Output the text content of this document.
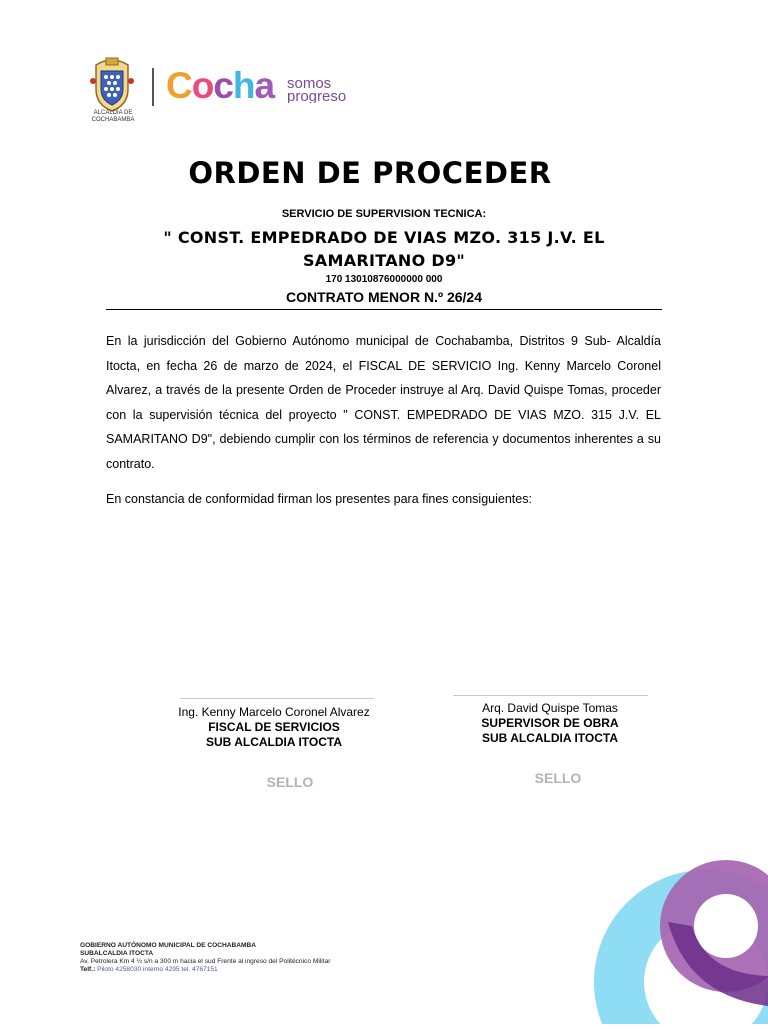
ALCALDÍA DE
COCHABAMBA
Cocha somos
progreso
ORDEN DE PROCEDER
SERVICIO DE SUPERVISION TECNICA:
" CONST. EMPEDRADO DE VIAS MZO. 315 J.V. EL SAMARITANO D9"
170 13010876000000 000
CONTRATO MENOR N.º 26/24
En la jurisdicción del Gobierno Autónomo municipal de Cochabamba, Distritos 9 Sub- Alcaldía Itocta, en fecha 26 de marzo de 2024, el FISCAL DE SERVICIO Ing. Kenny Marcelo Coronel Alvarez, a través de la presente Orden de Proceder instruye al Arq. David Quispe Tomas, proceder con la supervisión técnica del proyecto " CONST. EMPEDRADO DE VIAS MZO. 315 J.V. EL SAMARITANO D9", debiendo cumplir con los términos de referencia y documentos inherentes a su contrato.
En constancia de conformidad firman los presentes para fines consiguientes:
Ing. Kenny Marcelo Coronel Alvarez
FISCAL DE SERVICIOS
SUB ALCALDIA ITOCTA
SELLO
Arq. David Quispe Tomas
SUPERVISOR DE OBRA
SUB ALCALDIA ITOCTA
SELLO
GOBIERNO AUTÓNOMO MUNICIPAL DE COCHABAMBA
SUBALCALDIA ITOCTA
Av. Petrolera Km 4 ½ s/n a 300 m hacia el sud Frente al ingreso del Politécnico Militar
Telf.: Piloto 4258030 interno 4295 tel. 4767151
